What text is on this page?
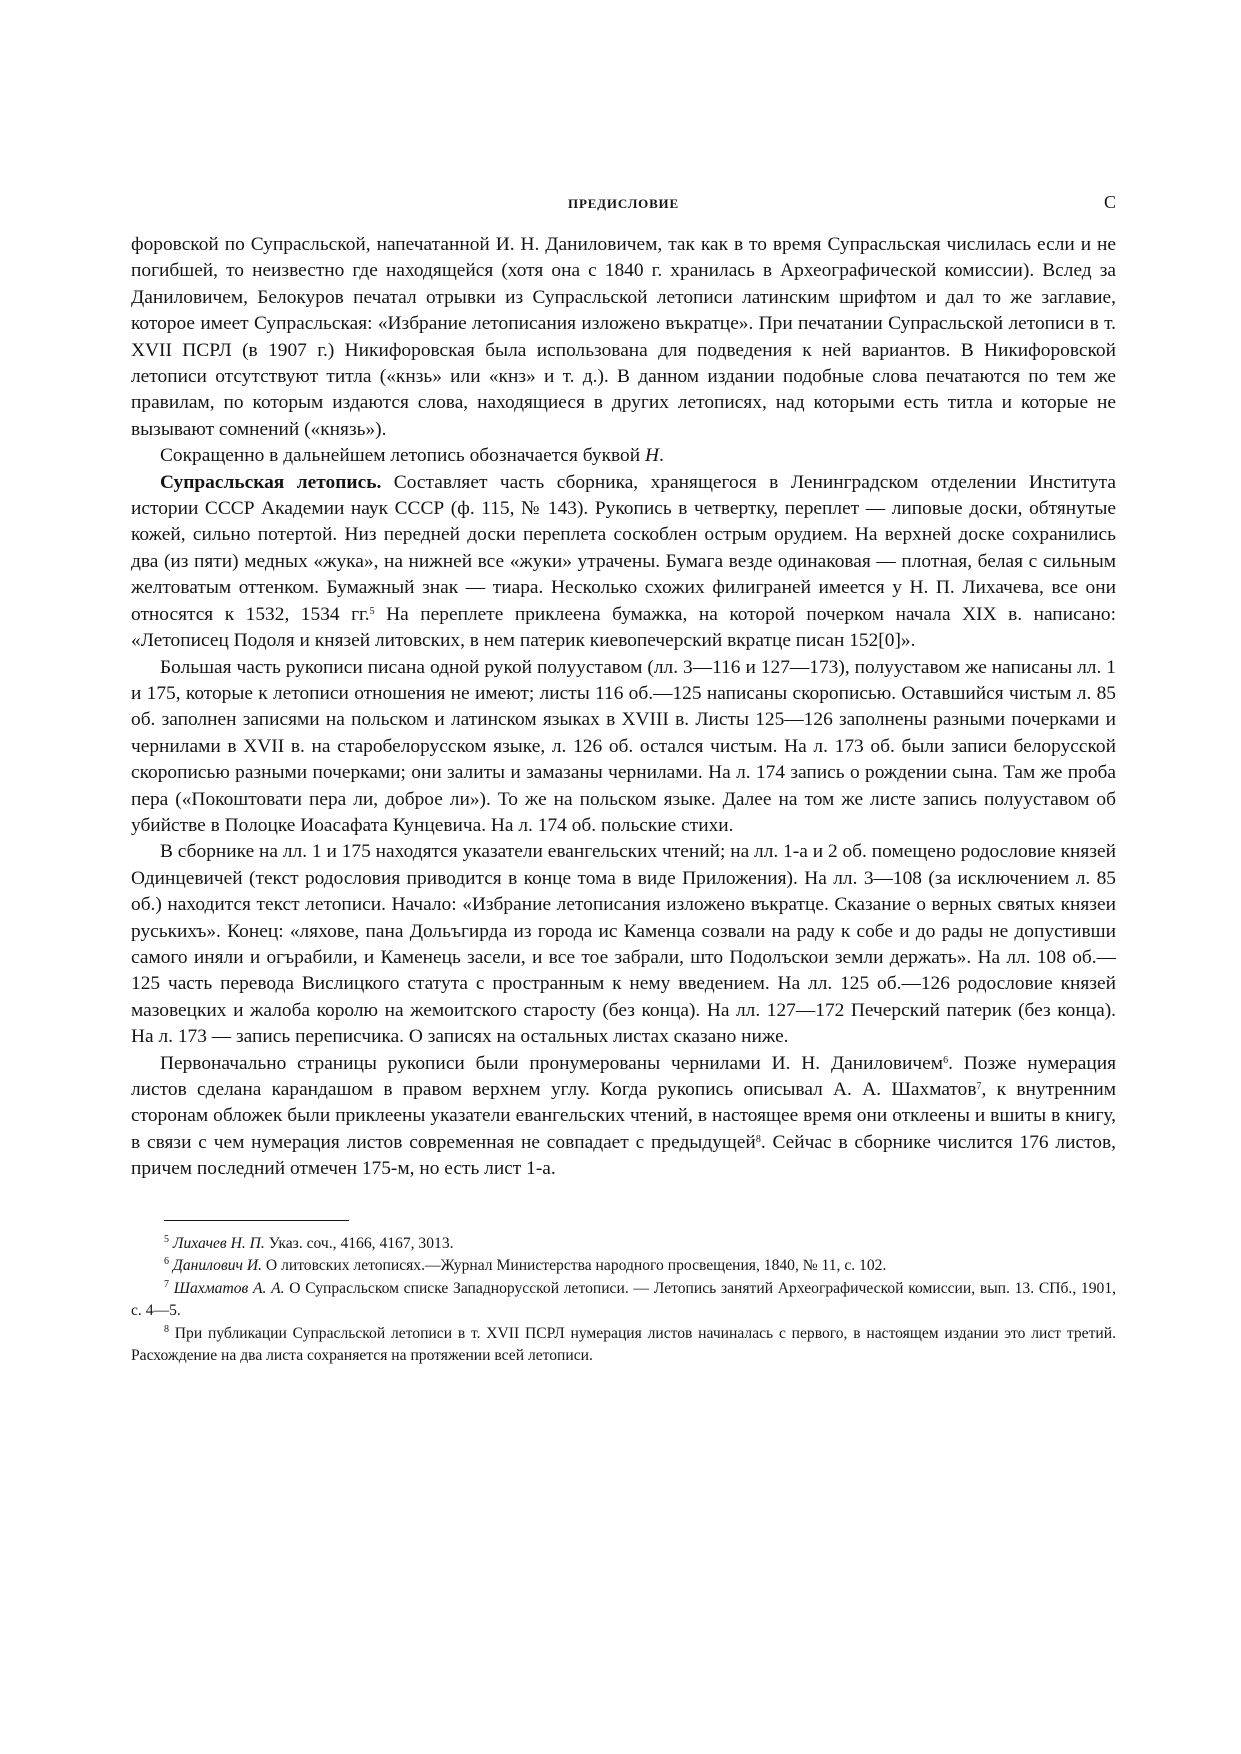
ПРЕДИСЛОВИЕ	С

форовской по Супрасльской, напечатанной И. Н. Даниловичем, так как в то время Супрасльская числилась если и не погибшей, то неизвестно где находящейся (хотя она с 1840 г. хранилась в Археографической комиссии). Вслед за Даниловичем, Белокуров печатал отрывки из Супрасльской летописи латинским шрифтом и дал то же заглавие, которое имеет Супрасльская: «Избрание летописания изложено въкратце». При печатании Супрасльской летописи в т. XVII ПСРЛ (в 1907 г.) Никифоровская была использована для подведения к ней вариантов. В Никифоровской летописи отсутствуют титла («кнзь» или «кнз» и т. д.). В данном издании подобные слова печатаются по тем же правилам, по которым издаются слова, находящиеся в других летописях, над которыми есть титла и которые не вызывают сомнений («князь»).

Сокращенно в дальнейшем летопись обозначается буквой Н.

Супрасльская летопись. Составляет часть сборника, хранящегося в Ленинградском отделении Института истории СССР Академии наук СССР (ф. 115, № 143). Рукопись в четвертку, переплет — липовые доски, обтянутые кожей, сильно потертой. Низ передней доски переплета соскоблен острым орудием. На верхней доске сохранились два (из пяти) медных «жука», на нижней все «жуки» утрачены. Бумага везде одинаковая — плотная, белая с сильным желтоватым оттенком. Бумажный знак — тиара. Несколько схожих филиграней имеется у Н. П. Лихачева, все они относятся к 1532, 1534 гг.$^5$ На переплете приклеена бумажка, на которой почерком начала XIX в. написано: «Летописец Подоля и князей литовских, в нем патерик киевопечерский вкратце писан 152[0]».

Большая часть рукописи писана одной рукой полууставом (лл. 3—116 и 127—173), полууставом же написаны лл. 1 и 175, которые к летописи отношения не имеют; листы 116 об.—125 написаны скорописью. Оставшийся чистым л. 85 об. заполнен записями на польском и латинском языках в XVIII в. Листы 125—126 заполнены разными почерками и чернилами в XVII в. на старобелорусском языке, л. 126 об. остался чистым. На л. 173 об. были записи белорусской скорописью разными почерками; они залиты и замазаны чернилами. На л. 174 запись о рождении сына. Там же проба пера («Покоштовати пера ли, доброе ли»). То же на польском языке. Далее на том же листе запись полууставом об убийстве в Полоцке Иоасафата Кунцевича. На л. 174 об. польские стихи.

В сборнике на лл. 1 и 175 находятся указатели евангельских чтений; на лл. 1-а и 2 об. помещено родословие князей Одинцевичей (текст родословия приводится в конце тома в виде Приложения). На лл. 3—108 (за исключением л. 85 об.) находится текст летописи. Начало: «Избрание летописания изложено въкратце. Сказание о верных святых князеи руськихъ». Конец: «ляхове, пана Дольъгирда из города ис Каменца созвали на раду к собе и до рады не допустивши самого иняли и огърабили, и Каменець засели, и все тое забрали, што Подолъскои земли держать». На лл. 108 об.—125 часть перевода Вислицкого статута с пространным к нему введением. На лл. 125 об.—126 родословие князей мазовецких и жалоба королю на жемоитского старосту (без конца). На лл. 127—172 Печерский патерик (без конца). На л. 173 — запись переписчика. О записях на остальных листах сказано ниже.

Первоначально страницы рукописи были пронумерованы чернилами И. Н. Даниловичем$^6$. Позже нумерация листов сделана карандашом в правом верхнем углу. Когда рукопись описывал А. А. Шахматов$^7$, к внутренним сторонам обложек были приклеены указатели евангельских чтений, в настоящее время они отклеены и вшиты в книгу, в связи с чем нумерация листов современная не совпадает с предыдущей$^8$. Сейчас в сборнике числится 176 листов, причем последний отмечен 175-м, но есть лист 1-а.

$^5$ Лихачев Н. П. Указ. соч., 4166, 4167, 3013.

$^6$ Данилович И. О литовских летописях.—Журнал Министерства народного просвещения, 1840, № 11, с. 102.

$^7$ Шахматов А. А. О Супрасльском списке Западнорусской летописи. — Летопись занятий Археографической комиссии, вып. 13. СПб., 1901, с. 4—5.

$^8$ При публикации Супрасльской летописи в т. XVII ПСРЛ нумерация листов начиналась с первого, в настоящем издании это лист третий. Расхождение на два листа сохраняется на протяжении всей летописи.
